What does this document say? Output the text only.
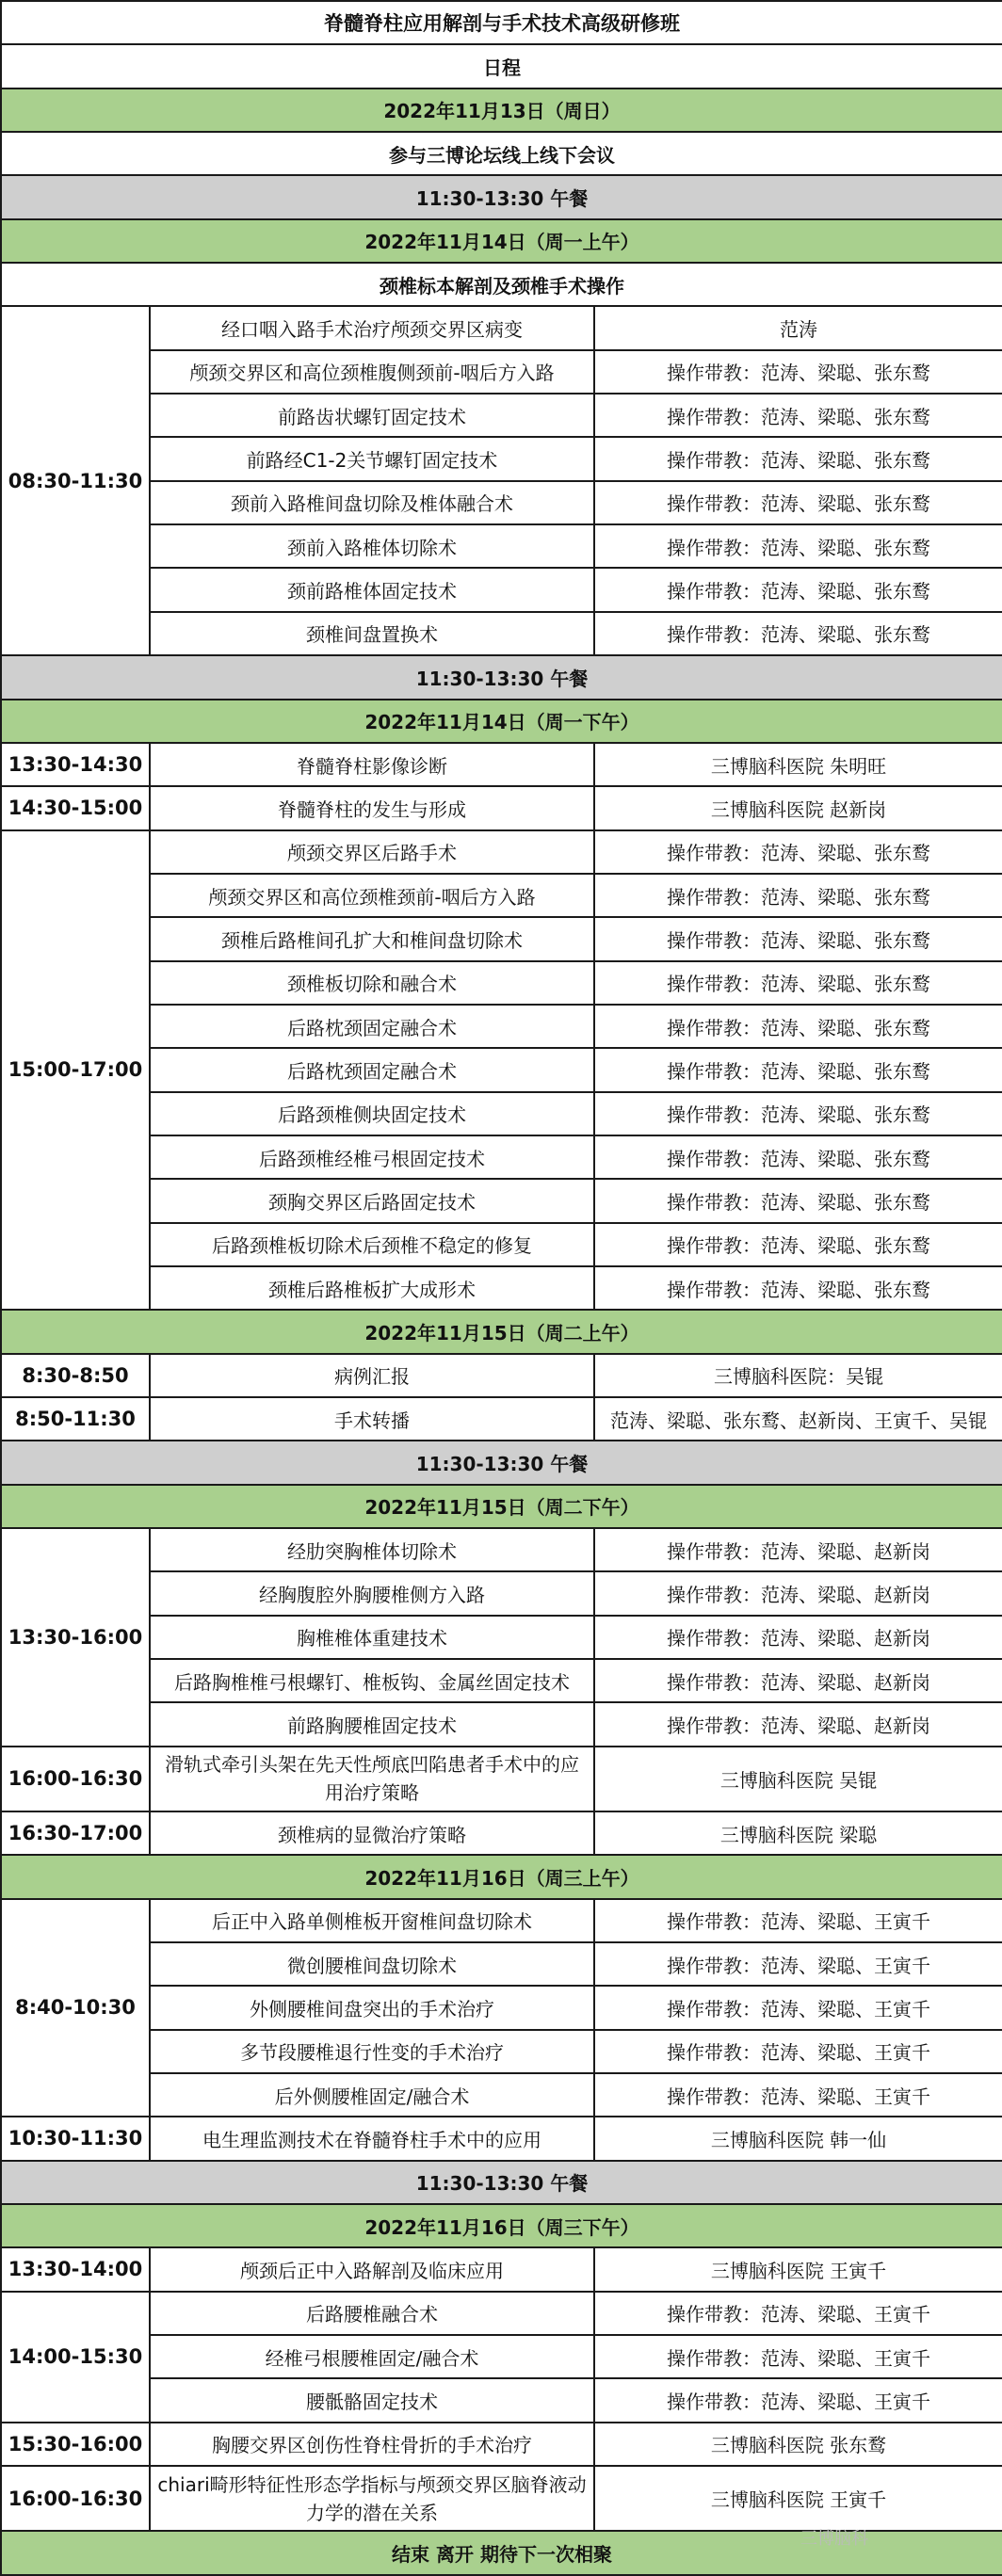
脊髓脊柱应用解剖与手术技术高级研修班		
日程		
2022年11月13日（周日）		
参与三博论坛线上线下会议		
11:30-13:30 午餐		
2022年11月14日（周一上午）		
颈椎标本解剖及颈椎手术操作		
08:30-11:30	经口咽入路手术治疗颅颈交界区病变	范涛
	颅颈交界区和高位颈椎腹侧颈前-咽后方入路	操作带教：范涛、梁聪、张东鹜
	前路齿状螺钉固定技术	操作带教：范涛、梁聪、张东鹜
	前路经C1-2关节螺钉固定技术	操作带教：范涛、梁聪、张东鹜
	颈前入路椎间盘切除及椎体融合术	操作带教：范涛、梁聪、张东鹜
	颈前入路椎体切除术	操作带教：范涛、梁聪、张东鹜
	颈前路椎体固定技术	操作带教：范涛、梁聪、张东鹜
	颈椎间盘置换术	操作带教：范涛、梁聪、张东鹜
11:30-13:30 午餐		
2022年11月14日（周一下午）		
13:30-14:30	脊髓脊柱影像诊断	三博脑科医院 朱明旺
14:30-15:00	脊髓脊柱的发生与形成	三博脑科医院 赵新岗
15:00-17:00	颅颈交界区后路手术	操作带教：范涛、梁聪、张东鹜
	颅颈交界区和高位颈椎颈前-咽后方入路	操作带教：范涛、梁聪、张东鹜
	颈椎后路椎间孔扩大和椎间盘切除术	操作带教：范涛、梁聪、张东鹜
	颈椎板切除和融合术	操作带教：范涛、梁聪、张东鹜
	后路枕颈固定融合术	操作带教：范涛、梁聪、张东鹜
	后路枕颈固定融合术	操作带教：范涛、梁聪、张东鹜
	后路颈椎侧块固定技术	操作带教：范涛、梁聪、张东鹜
	后路颈椎经椎弓根固定技术	操作带教：范涛、梁聪、张东鹜
	颈胸交界区后路固定技术	操作带教：范涛、梁聪、张东鹜
	后路颈椎板切除术后颈椎不稳定的修复	操作带教：范涛、梁聪、张东鹜
	颈椎后路椎板扩大成形术	操作带教：范涛、梁聪、张东鹜
2022年11月15日（周二上午）		
8:30-8:50	病例汇报	三博脑科医院：吴锟
8:50-11:30	手术转播	范涛、梁聪、张东鹜、赵新岗、王寅千、吴锟
11:30-13:30 午餐		
2022年11月15日（周二下午）		
13:30-16:00	经肋突胸椎体切除术	操作带教：范涛、梁聪、赵新岗
	经胸腹腔外胸腰椎侧方入路	操作带教：范涛、梁聪、赵新岗
	胸椎椎体重建技术	操作带教：范涛、梁聪、赵新岗
	后路胸椎椎弓根螺钉、椎板钩、金属丝固定技术	操作带教：范涛、梁聪、赵新岗
	前路胸腰椎固定技术	操作带教：范涛、梁聪、赵新岗
16:00-16:30	滑轨式牵引头架在先天性颅底凹陷患者手术中的应用治疗策略	三博脑科医院 吴锟
16:30-17:00	颈椎病的显微治疗策略	三博脑科医院 梁聪
2022年11月16日（周三上午）		
8:40-10:30	后正中入路单侧椎板开窗椎间盘切除术	操作带教：范涛、梁聪、王寅千
	微创腰椎间盘切除术	操作带教：范涛、梁聪、王寅千
	外侧腰椎间盘突出的手术治疗	操作带教：范涛、梁聪、王寅千
	多节段腰椎退行性变的手术治疗	操作带教：范涛、梁聪、王寅千
	后外侧腰椎固定/融合术	操作带教：范涛、梁聪、王寅千
10:30-11:30	电生理监测技术在脊髓脊柱手术中的应用	三博脑科医院 韩一仙
11:30-13:30 午餐		
2022年11月16日（周三下午）		
13:30-14:00	颅颈后正中入路解剖及临床应用	三博脑科医院 王寅千
14:00-15:30	后路腰椎融合术	操作带教：范涛、梁聪、王寅千
	经椎弓根腰椎固定/融合术	操作带教：范涛、梁聪、王寅千
	腰骶骼固定技术	操作带教：范涛、梁聪、王寅千
15:30-16:00	胸腰交界区创伤性脊柱骨折的手术治疗	三博脑科医院 张东鹜
16:00-16:30	chiari畸形特征性形态学指标与颅颈交界区脑脊液动力学的潜在关系	三博脑科医院 王寅千
结束 离开 期待下一次相聚		
三博脑科
